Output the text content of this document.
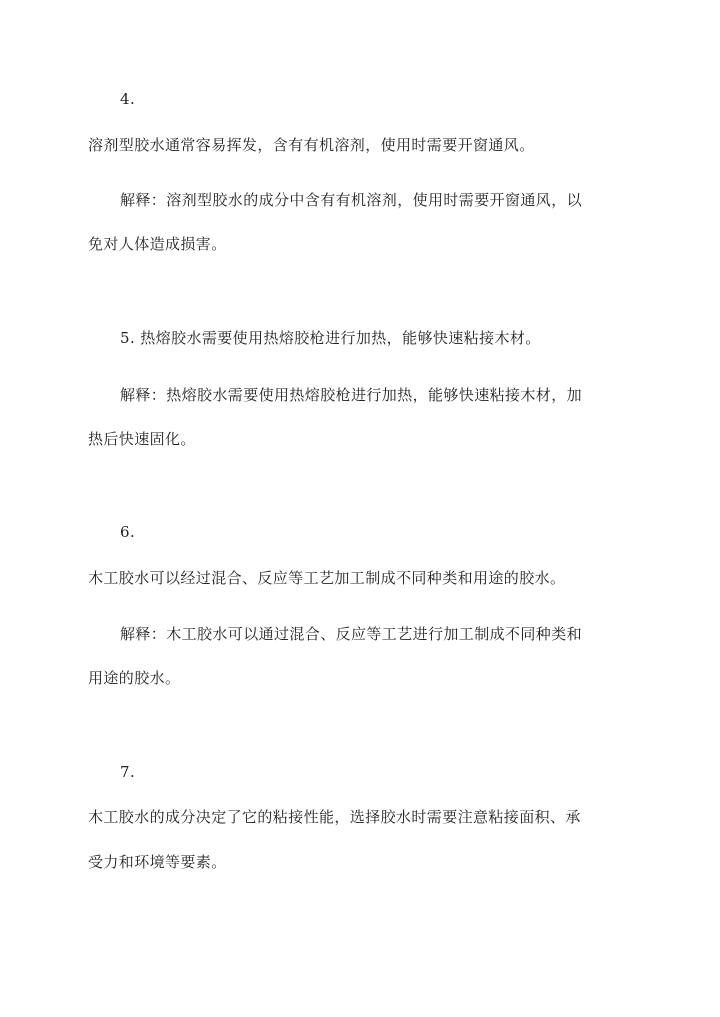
4.
溶剂型胶水通常容易挥发，含有有机溶剂，使用时需要开窗通风。
解释：溶剂型胶水的成分中含有有机溶剂，使用时需要开窗通风，以
免对人体造成损害。
5. 热熔胶水需要使用热熔胶枪进行加热，能够快速粘接木材。
解释：热熔胶水需要使用热熔胶枪进行加热，能够快速粘接木材，加
热后快速固化。
6.
木工胶水可以经过混合、反应等工艺加工制成不同种类和用途的胶水。
解释：木工胶水可以通过混合、反应等工艺进行加工制成不同种类和
用途的胶水。
7.
木工胶水的成分决定了它的粘接性能，选择胶水时需要注意粘接面积、承
受力和环境等要素。
